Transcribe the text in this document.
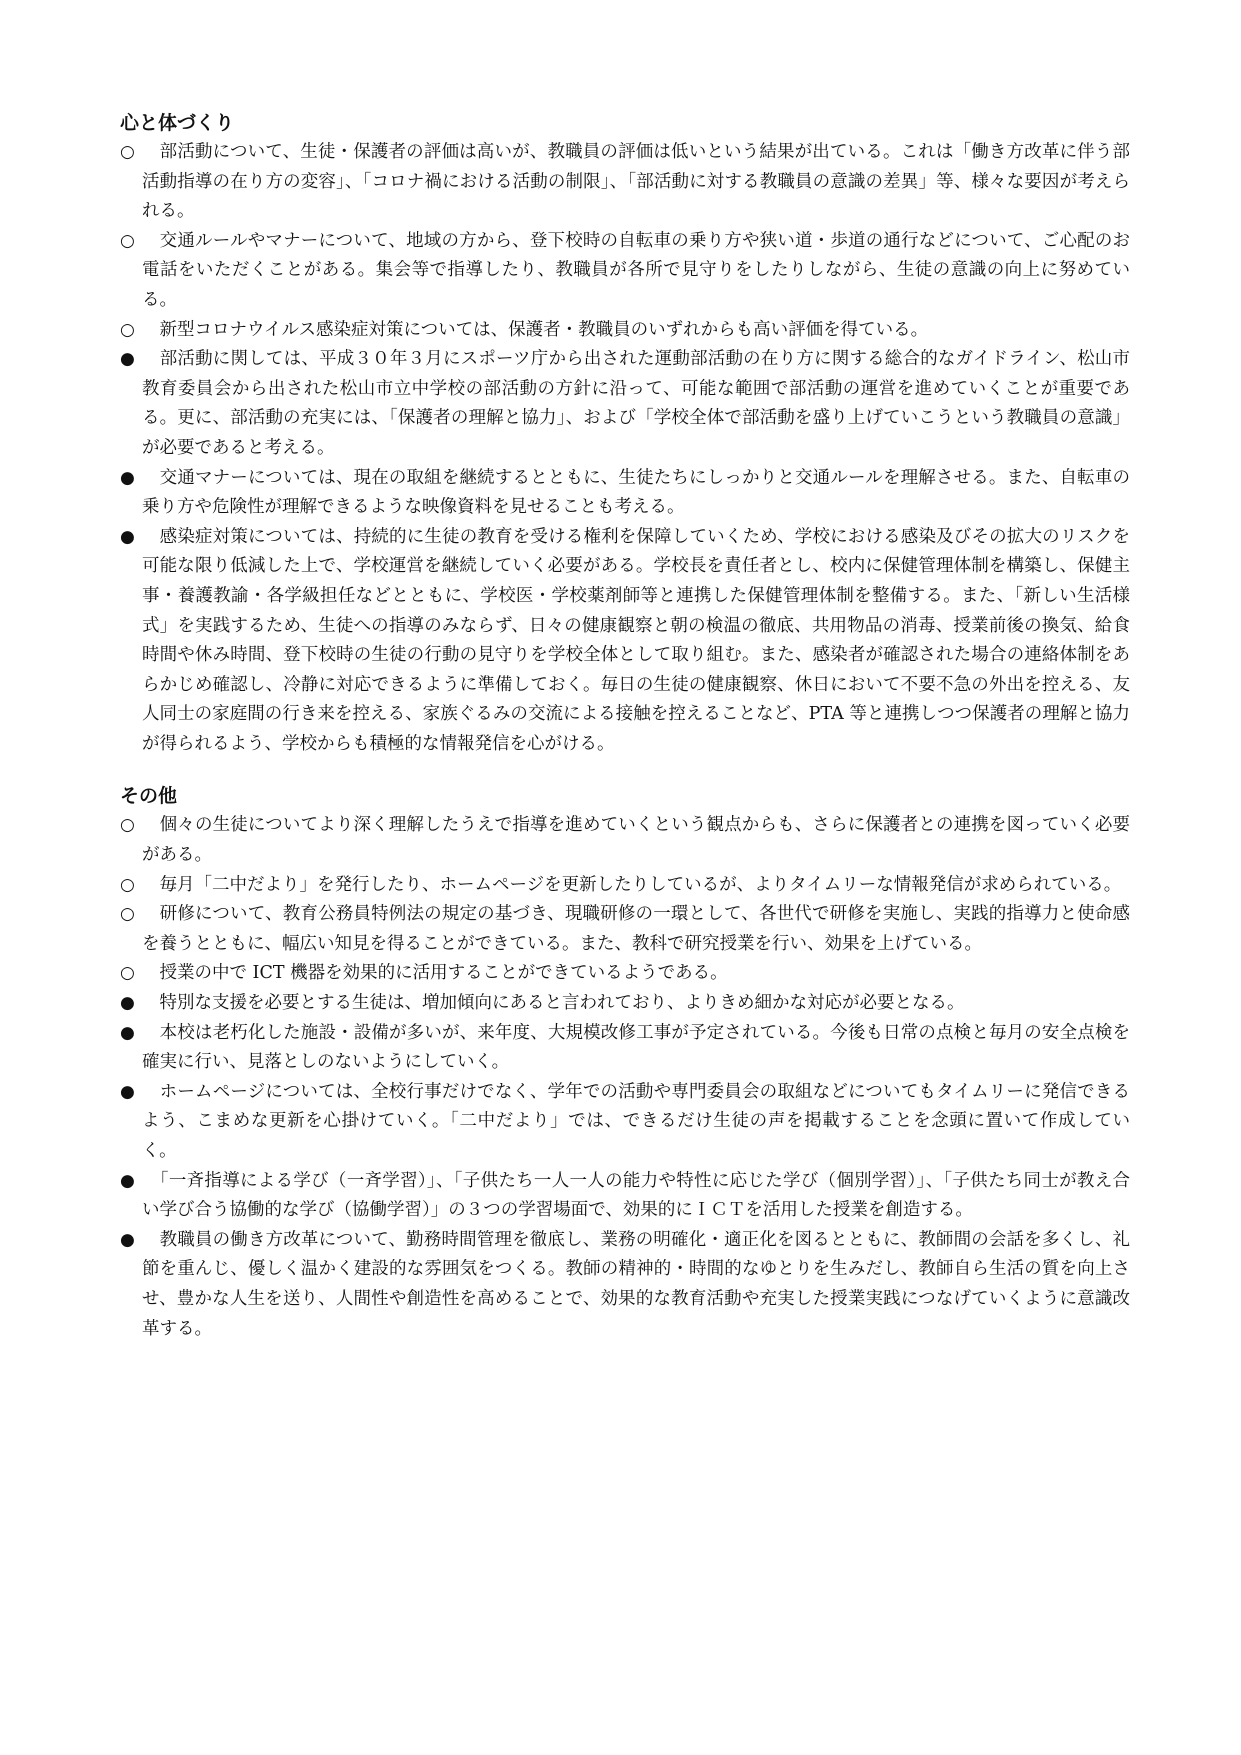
心と体づくり
○ 　部活動について、生徒・保護者の評価は高いが、教職員の評価は低いという結果が出ている。これは「働き方改革に伴う部活動指導の在り方の変容」、「コロナ禍における活動の制限」、「部活動に対する教職員の意識の差異」等、様々な要因が考えられる。
○ 　交通ルールやマナーについて、地域の方から、登下校時の自転車の乗り方や狭い道・歩道の通行などについて、ご心配のお電話をいただくことがある。集会等で指導したり、教職員が各所で見守りをしたりしながら、生徒の意識の向上に努めている。
○ 　新型コロナウイルス感染症対策については、保護者・教職員のいずれからも高い評価を得ている。
● 　部活動に関しては、平成３０年３月にスポーツ庁から出された運動部活動の在り方に関する総合的なガイドライン、松山市教育委員会から出された松山市立中学校の部活動の方針に沿って、可能な範囲で部活動の運営を進めていくことが重要である。更に、部活動の充実には、「保護者の理解と協力」、および「学校全体で部活動を盛り上げていこうという教職員の意識」が必要であると考える。
● 　交通マナーについては、現在の取組を継続するとともに、生徒たちにしっかりと交通ルールを理解させる。また、自転車の乗り方や危険性が理解できるような映像資料を見せることも考える。
● 　感染症対策については、持続的に生徒の教育を受ける権利を保障していくため、学校における感染及びその拡大のリスクを可能な限り低減した上で、学校運営を継続していく必要がある。学校長を責任者とし、校内に保健管理体制を構築し、保健主事・養護教諭・各学級担任などとともに、学校医・学校薬剤師等と連携した保健管理体制を整備する。また、「新しい生活様式」を実践するため、生徒への指導のみならず、日々の健康観察と朝の検温の徹底、共用物品の消毒、授業前後の換気、給食時間や休み時間、登下校時の生徒の行動の見守りを学校全体として取り組む。また、感染者が確認された場合の連絡体制をあらかじめ確認し、冷静に対応できるように準備しておく。毎日の生徒の健康観察、休日において不要不急の外出を控える、友人同士の家庭間の行き来を控える、家族ぐるみの交流による接触を控えることなど、PTA 等と連携しつつ保護者の理解と協力が得られるよう、学校からも積極的な情報発信を心がける。
その他
○ 　個々の生徒についてより深く理解したうえで指導を進めていくという観点からも、さらに保護者との連携を図っていく必要がある。
○ 　毎月「二中だより」を発行したり、ホームページを更新したりしているが、よりタイムリーな情報発信が求められている。
○ 　研修について、教育公務員特例法の規定の基づき、現職研修の一環として、各世代で研修を実施し、実践的指導力と使命感を養うとともに、幅広い知見を得ることができている。また、教科で研究授業を行い、効果を上げている。
○ 　授業の中で ICT 機器を効果的に活用することができているようである。
● 　特別な支援を必要とする生徒は、増加傾向にあると言われており、よりきめ細かな対応が必要となる。
● 　本校は老朽化した施設・設備が多いが、来年度、大規模改修工事が予定されている。今後も日常の点検と毎月の安全点検を確実に行い、見落としのないようにしていく。
● 　ホームページについては、全校行事だけでなく、学年での活動や専門委員会の取組などについてもタイムリーに発信できるよう、こまめな更新を心掛けていく。「二中だより」では、できるだけ生徒の声を掲載することを念頭に置いて作成していく。
● 　「一斉指導による学び（一斉学習）」、「子供たち一人一人の能力や特性に応じた学び（個別学習）」、「子供たち同士が教え合い学び合う協働的な学び（協働学習）」の３つの学習場面で、効果的にＩＣＴを活用した授業を創造する。
● 　教職員の働き方改革について、勤務時間管理を徹底し、業務の明確化・適正化を図るとともに、教師間の会話を多くし、礼節を重んじ、優しく温かく建設的な雰囲気をつくる。教師の精神的・時間的なゆとりを生みだし、教師自ら生活の質を向上させ、豊かな人生を送り、人間性や創造性を高めることで、効果的な教育活動や充実した授業実践につなげていくように意識改革する。
